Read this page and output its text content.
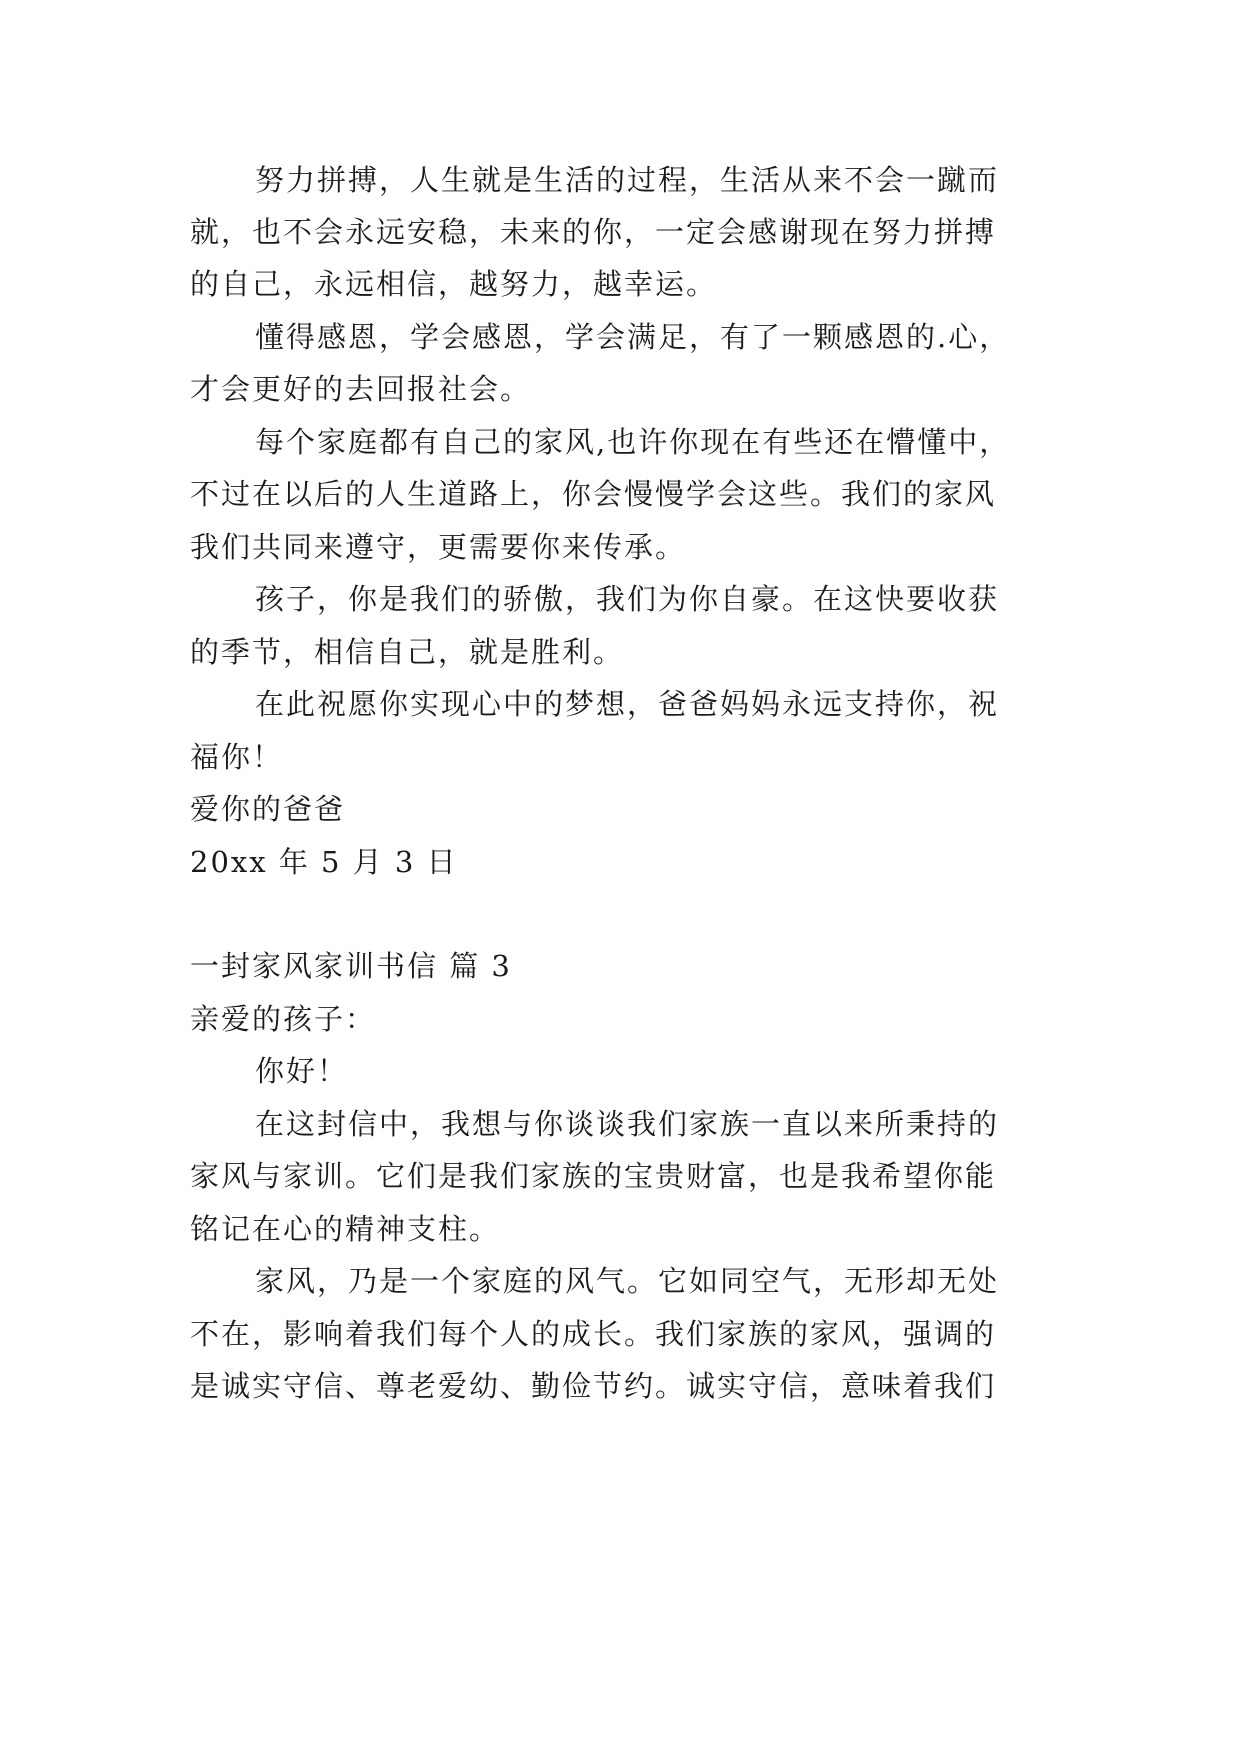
努力拼搏，人生就是生活的过程，生活从来不会一蹴而
就，也不会永远安稳，未来的你，一定会感谢现在努力拼搏
的自己，永远相信，越努力，越幸运。
懂得感恩，学会感恩，学会满足，有了一颗感恩的.心，
才会更好的去回报社会。
每个家庭都有自己的家风,也许你现在有些还在懵懂中，
不过在以后的人生道路上，你会慢慢学会这些。我们的家风
我们共同来遵守，更需要你来传承。
孩子，你是我们的骄傲，我们为你自豪。在这快要收获
的季节，相信自己，就是胜利。
在此祝愿你实现心中的梦想，爸爸妈妈永远支持你，祝
福你！
爱你的爸爸
20xx 年 5 月 3 日
一封家风家训书信 篇 3
亲爱的孩子：
你好！
在这封信中，我想与你谈谈我们家族一直以来所秉持的
家风与家训。它们是我们家族的宝贵财富，也是我希望你能
铭记在心的精神支柱。
家风，乃是一个家庭的风气。它如同空气，无形却无处
不在，影响着我们每个人的成长。我们家族的家风，强调的
是诚实守信、尊老爱幼、勤俭节约。诚实守信，意味着我们
